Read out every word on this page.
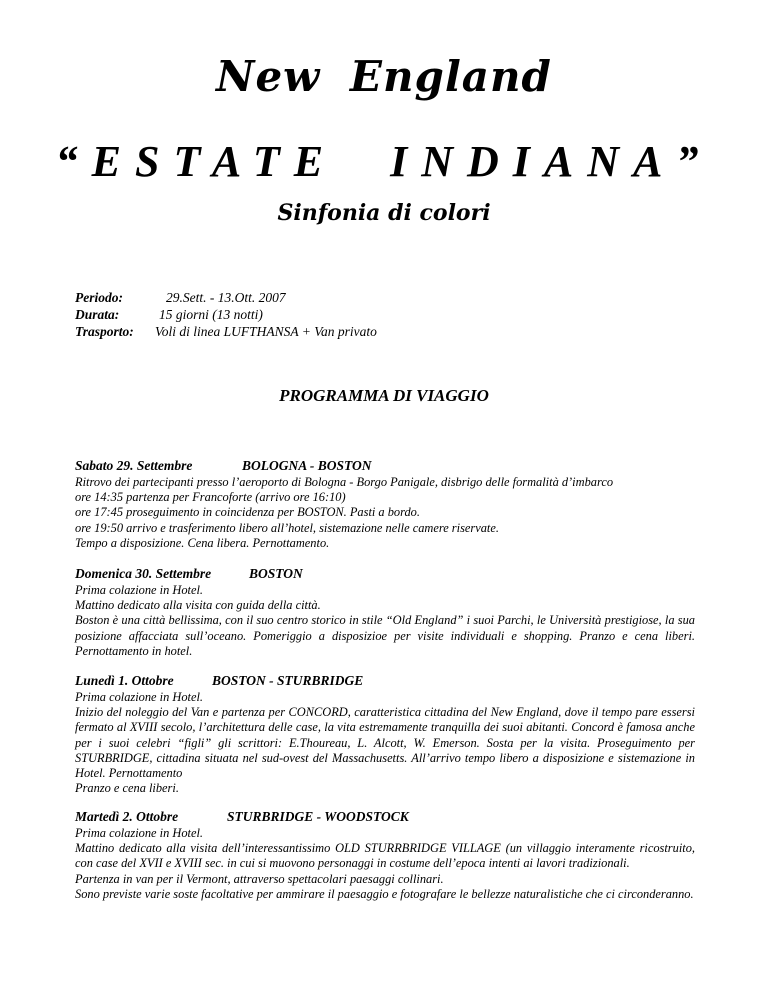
New England
“ESTATE INDIANA”
Sinfonia di colori
Periodo:	29.Sett. - 13.Ott. 2007
Durata:	15 giorni (13 notti)
Trasporto:	Voli di linea LUFTHANSA + Van privato
PROGRAMMA DI VIAGGIO
Sabato 29. Settembre	BOLOGNA - BOSTON
Ritrovo dei partecipanti presso l’aeroporto di Bologna - Borgo Panigale, disbrigo delle formalità d’imbarco
ore 14:35 partenza per Francoforte (arrivo ore 16:10)
ore 17:45 proseguimento in coincidenza per BOSTON. Pasti a bordo.
ore 19:50 arrivo e trasferimento libero all’hotel, sistemazione nelle camere riservate.
Tempo a disposizione. Cena libera. Pernottamento.
Domenica 30. Settembre	BOSTON
Prima colazione in Hotel.
Mattino dedicato alla visita con guida della città.
Boston è una città bellissima, con il suo centro storico in stile “Old England” i suoi Parchi, le Università prestigiose, la sua posizione affacciata sull’oceano. Pomeriggio a disposizioe per visite individuali e shopping. Pranzo e cena liberi. Pernottamento in hotel.
Lunedì 1. Ottobre	BOSTON - STURBRIDGE
Prima colazione in Hotel.
Inizio del noleggio del Van e partenza per CONCORD, caratteristica cittadina del New England, dove il tempo pare essersi fermato al XVIII secolo, l’architettura delle case, la vita estremamente tranquilla dei suoi abitanti. Concord è famosa anche per i suoi celebri “figli” gli scrittori: E.Thoureau, L. Alcott, W. Emerson. Sosta per la visita. Proseguimento per STURBRIDGE, cittadina situata nel sud-ovest del Massachusetts. All’arrivo tempo libero a disposizione e sistemazione in Hotel. Pernottamento
Pranzo e cena liberi.
Martedì 2. Ottobre	STURBRIDGE - WOODSTOCK
Prima colazione in Hotel.
Mattino dedicato alla visita dell’interessantissimo OLD STURRBRIDGE VILLAGE (un villaggio interamente ricostruito, con case del XVII e XVIII sec. in cui si muovono personaggi in costume dell’epoca intenti ai lavori tradizionali.
Partenza in van per il Vermont, attraverso spettacolari paesaggi collinari.
Sono previste varie soste facoltative per ammirare il paesaggio e fotografare le bellezze naturalistiche che ci circonderanno.
